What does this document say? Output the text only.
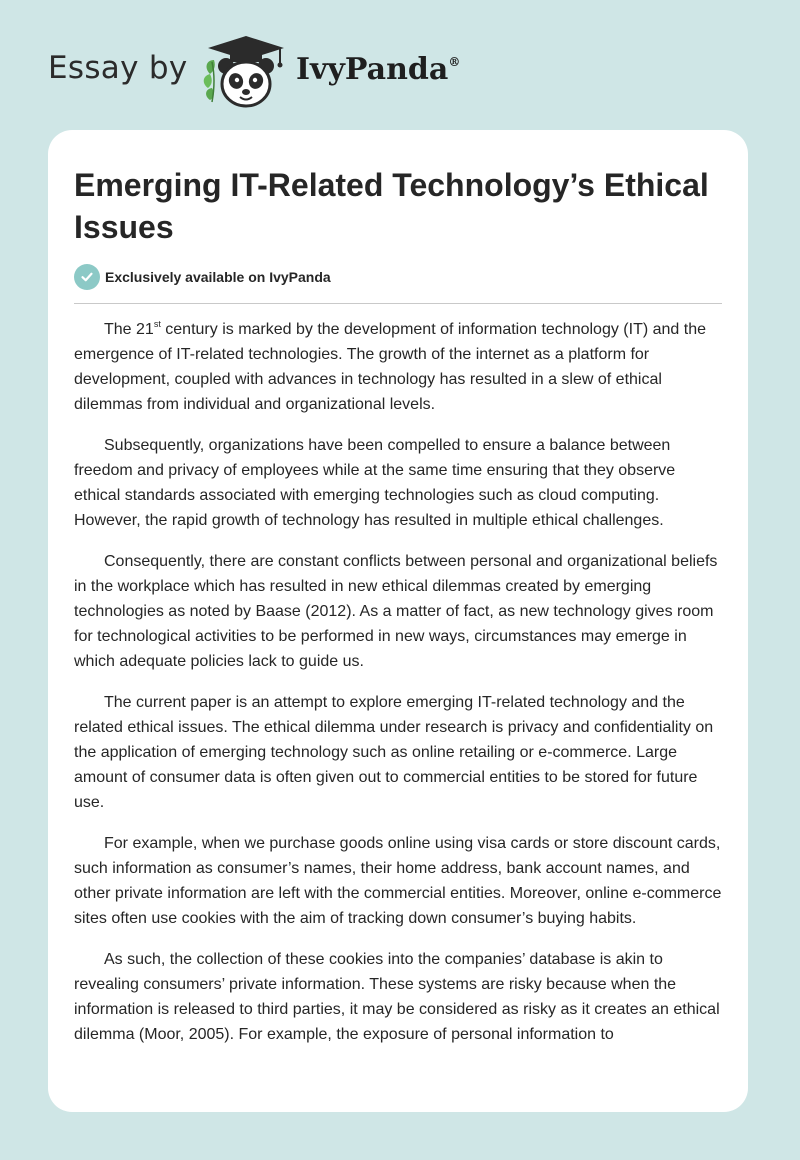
Essay by	IvyPanda®
Emerging IT-Related Technology’s Ethical Issues
Exclusively available on IvyPanda

The 21st century is marked by the development of information technology (IT) and the emergence of IT-related technologies. The growth of the internet as a platform for development, coupled with advances in technology has resulted in a slew of ethical dilemmas from individual and organizational levels.

Subsequently, organizations have been compelled to ensure a balance between freedom and privacy of employees while at the same time ensuring that they observe ethical standards associated with emerging technologies such as cloud computing. However, the rapid growth of technology has resulted in multiple ethical challenges.

Consequently, there are constant conflicts between personal and organizational beliefs in the workplace which has resulted in new ethical dilemmas created by emerging technologies as noted by Baase (2012). As a matter of fact, as new technology gives room for technological activities to be performed in new ways, circumstances may emerge in which adequate policies lack to guide us.

The current paper is an attempt to explore emerging IT-related technology and the related ethical issues. The ethical dilemma under research is privacy and confidentiality on the application of emerging technology such as online retailing or e-commerce. Large amount of consumer data is often given out to commercial entities to be stored for future use.

For example, when we purchase goods online using visa cards or store discount cards, such information as consumer’s names, their home address, bank account names, and other private information are left with the commercial entities. Moreover, online e-commerce sites often use cookies with the aim of tracking down consumer’s buying habits.

As such, the collection of these cookies into the companies’ database is akin to revealing consumers’ private information. These systems are risky because when the information is released to third parties, it may be considered as risky as it creates an ethical dilemma (Moor, 2005). For example, the exposure of personal information to
